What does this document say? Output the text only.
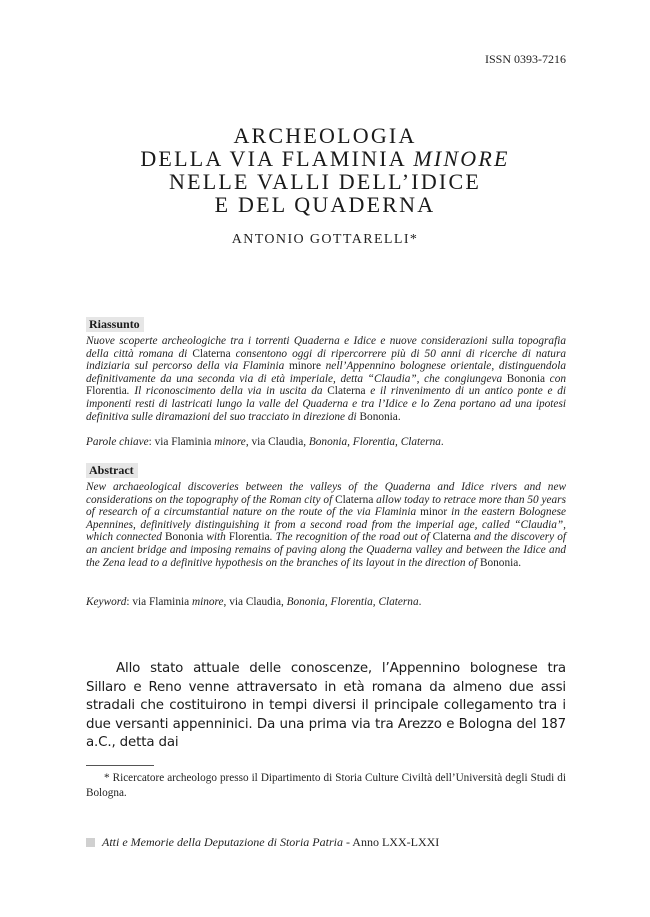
ISSN 0393-7216
ARCHEOLOGIA
DELLA VIA FLAMINIA MINORE
NELLE VALLI DELL’IDICE
E DEL QUADERNA
ANTONIO GOTTARELLI*
Riassunto

Nuove scoperte archeologiche tra i torrenti Quaderna e Idice e nuove considerazioni sulla topografia della città romana di Claterna consentono oggi di ripercorrere più di 50 anni di ricerche di natura indiziaria sul percorso della via Flaminia minore nell’Appennino bolognese orientale, distinguendola definitivamente da una seconda via di età imperiale, detta “Claudia”, che congiungeva Bononia con Florentia. Il riconoscimento della via in uscita da Claterna e il rinvenimento di un antico ponte e di imponenti resti di lastricati lungo la valle del Quaderna e tra l’Idice e lo Zena portano ad una ipotesi definitiva sulle diramazioni del suo tracciato in direzione di Bononia.

Parole chiave: via Flaminia minore, via Claudia, Bononia, Florentia, Claterna.

Abstract

New archaeological discoveries between the valleys of the Quaderna and Idice rivers and new considerations on the topography of the Roman city of Claterna allow today to retrace more than 50 years of research of a circumstantial nature on the route of the via Flaminia minor in the eastern Bolognese Apennines, definitively distinguishing it from a second road from the imperial age, called “Claudia”, which connected Bononia with Florentia. The recognition of the road out of Claterna and the discovery of an ancient bridge and imposing remains of paving along the Quaderna valley and between the Idice and the Zena lead to a definitive hypothesis on the branches of its layout in the direction of Bononia.

Keyword: via Flaminia minore, via Claudia, Bononia, Florentia, Claterna.

Allo stato attuale delle conoscenze, l’Appennino bolognese tra Sillaro e Reno venne attraversato in età romana da almeno due assi stradali che costituirono in tempi diversi il principale collegamento tra i due versanti appenninici. Da una prima via tra Arezzo e Bologna del 187 a.C., detta dai

* Ricercatore archeologo presso il Dipartimento di Storia Culture Civiltà dell’Università degli Studi di Bologna.

Atti e Memorie della Deputazione di Storia Patria - Anno LXX-LXXI
